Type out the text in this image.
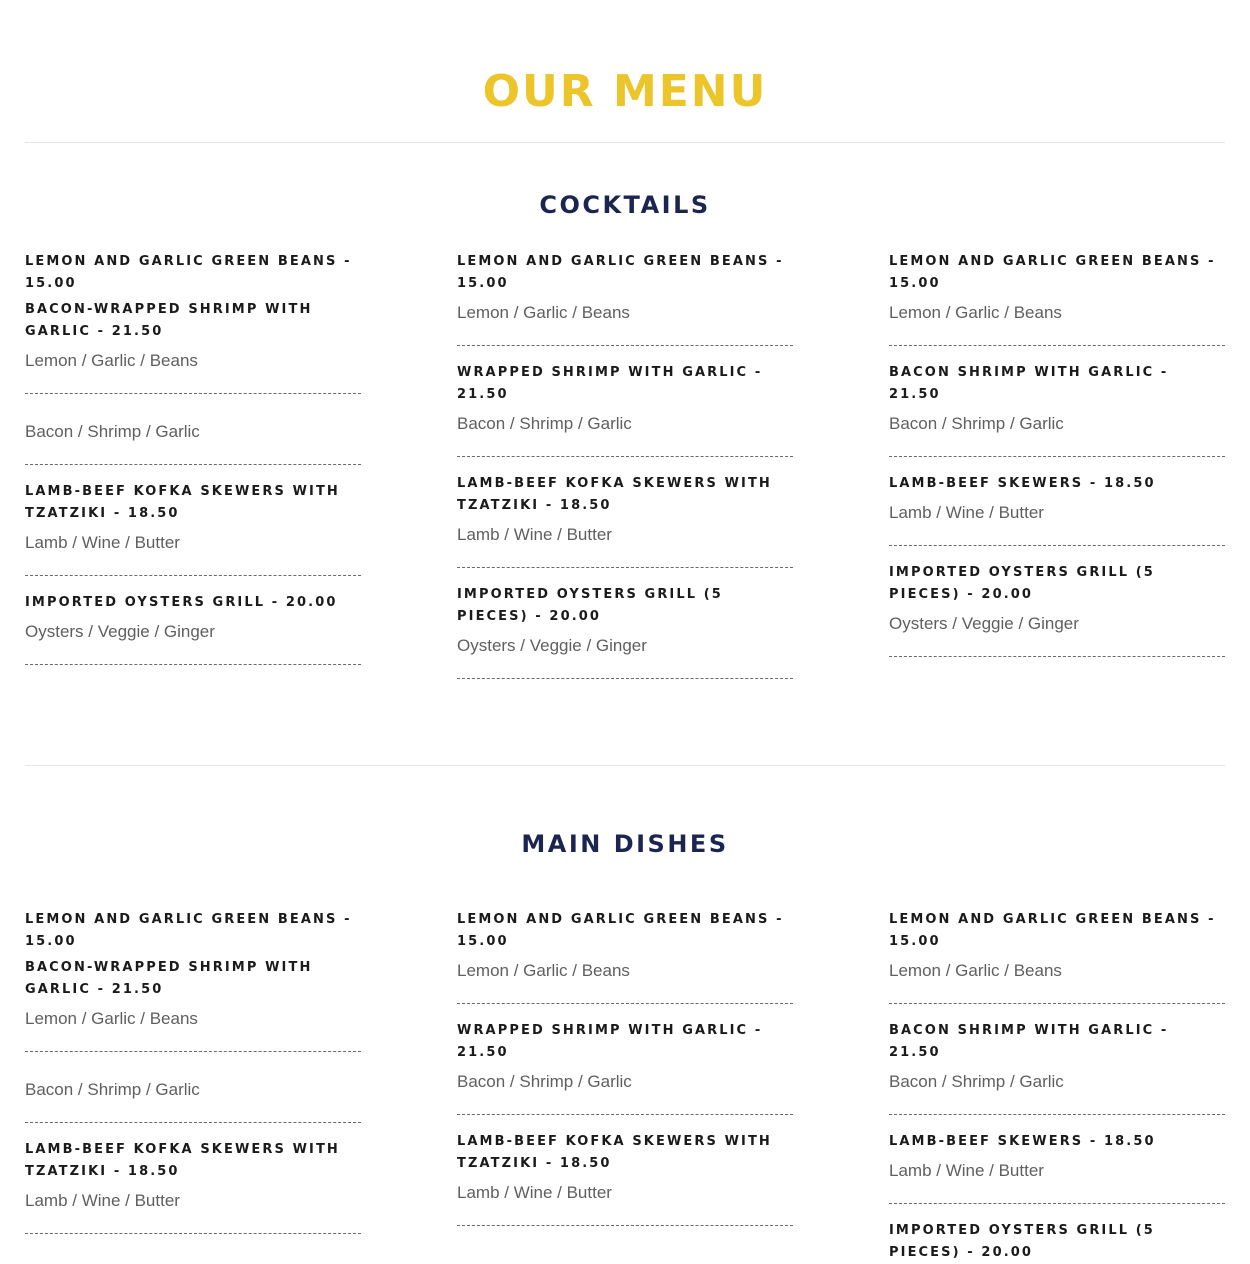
OUR MENU
COCKTAILS
LEMON AND GARLIC GREEN BEANS - 15.00
BACON-WRAPPED SHRIMP WITH GARLIC - 21.50
Lemon / Garlic / Beans
Bacon / Shrimp / Garlic
LAMB-BEEF KOFKA SKEWERS WITH TZATZIKI - 18.50
Lamb / Wine / Butter
IMPORTED OYSTERS GRILL - 20.00
Oysters / Veggie / Ginger
LEMON AND GARLIC GREEN BEANS - 15.00
Lemon / Garlic / Beans
WRAPPED SHRIMP WITH GARLIC - 21.50
Bacon / Shrimp / Garlic
LAMB-BEEF KOFKA SKEWERS WITH TZATZIKI - 18.50
Lamb / Wine / Butter
IMPORTED OYSTERS GRILL (5 PIECES) - 20.00
Oysters / Veggie / Ginger
LEMON AND GARLIC GREEN BEANS - 15.00
Lemon / Garlic / Beans
BACON SHRIMP WITH GARLIC - 21.50
Bacon / Shrimp / Garlic
LAMB-BEEF SKEWERS - 18.50
Lamb / Wine / Butter
IMPORTED OYSTERS GRILL (5 PIECES) - 20.00
Oysters / Veggie / Ginger
MAIN DISHES
LEMON AND GARLIC GREEN BEANS - 15.00
BACON-WRAPPED SHRIMP WITH GARLIC - 21.50
Lemon / Garlic / Beans
Bacon / Shrimp / Garlic
LAMB-BEEF KOFKA SKEWERS WITH TZATZIKI - 18.50
Lamb / Wine / Butter
LEMON AND GARLIC GREEN BEANS - 15.00
Lemon / Garlic / Beans
WRAPPED SHRIMP WITH GARLIC - 21.50
Bacon / Shrimp / Garlic
LAMB-BEEF KOFKA SKEWERS WITH TZATZIKI - 18.50
Lamb / Wine / Butter
LEMON AND GARLIC GREEN BEANS - 15.00
Lemon / Garlic / Beans
BACON SHRIMP WITH GARLIC - 21.50
Bacon / Shrimp / Garlic
LAMB-BEEF SKEWERS - 18.50
Lamb / Wine / Butter
IMPORTED OYSTERS GRILL (5 PIECES) - 20.00
